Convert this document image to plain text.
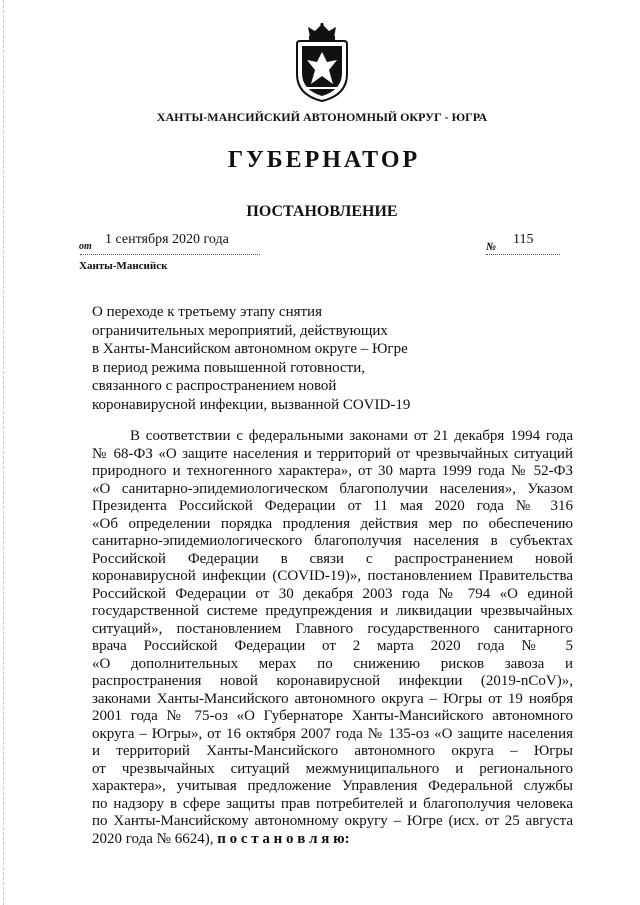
ХАНТЫ-МАНСИЙСКИЙ АВТОНОМНЫЙ ОКРУГ - ЮГРА
ГУБЕРНАТОР
ПОСТАНОВЛЕНИЕ
от 1 сентября 2020 года	№ 115
Ханты-Мансийск
О переходе к третьему этапу снятия
ограничительных мероприятий, действующих
в Ханты-Мансийском автономном округе – Югре
в период режима повышенной готовности,
связанного с распространением новой
коронавирусной инфекции, вызванной COVID-19
В соответствии с федеральными законами от 21 декабря 1994 года
№ 68-ФЗ «О защите населения и территорий от чрезвычайных ситуаций
природного и техногенного характера», от 30 марта 1999 года № 52-ФЗ
«О санитарно-эпидемиологическом благополучии населения», Указом
Президента Российской Федерации от 11 мая 2020 года № 316
«Об определении порядка продления действия мер по обеспечению
санитарно-эпидемиологического благополучия населения в субъектах
Российской Федерации в связи с распространением новой
коронавирусной инфекции (COVID-19)», постановлением Правительства
Российской Федерации от 30 декабря 2003 года № 794 «О единой
государственной системе предупреждения и ликвидации чрезвычайных
ситуаций», постановлением Главного государственного санитарного
врача Российской Федерации от 2 марта 2020 года № 5
«О дополнительных мерах по снижению рисков завоза и
распространения новой коронавирусной инфекции (2019-nCoV)»,
законами Ханты-Мансийского автономного округа – Югры от 19 ноября
2001 года № 75-оз «О Губернаторе Ханты-Мансийского автономного
округа – Югры», от 16 октября 2007 года № 135-оз «О защите населения
и территорий Ханты-Мансийского автономного округа – Югры
от чрезвычайных ситуаций межмуниципального и регионального
характера», учитывая предложение Управления Федеральной службы
по надзору в сфере защиты прав потребителей и благополучия человека
по Ханты-Мансийскому автономному округу – Югре (исх. от 25 августа
2020 года № 6624), п о с т а н о в л я ю:
